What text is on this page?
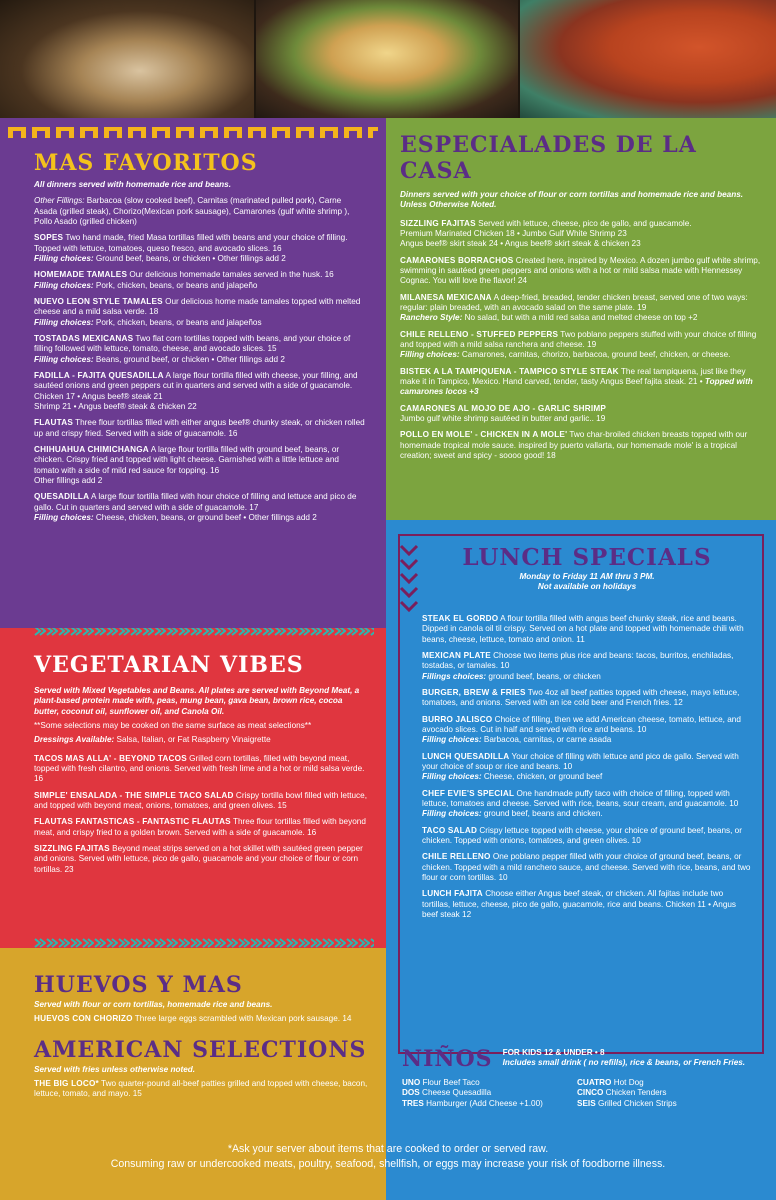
MAS FAVORITOS
All dinners served with homemade rice and beans.
Other Fillings: Barbacoa (slow cooked beef), Carnitas (marinated pulled pork), Carne Asada (grilled steak), Chorizo(Mexican pork sausage), Camarones (gulf white shrimp ), Pollo Asado (grilled chicken)
SOPES Two hand made, fried Masa tortillas filled with beans and your choice of filling. Topped with lettuce, tomatoes, queso fresco, and avocado slices. 16
Filling choices: Ground beef, beans, or chicken • Other fillings add 2
HOMEMADE TAMALES Our delicious homemade tamales served in the husk. 16
Filling choices: Pork, chicken, beans, or beans and jalapeño
NUEVO LEON STYLE TAMALES Our delicious home made tamales topped with melted cheese and a mild salsa verde. 18
Filling choices: Pork, chicken, beans, or beans and jalapeños
TOSTADAS MEXICANAS Two flat corn tortillas topped with beans, and your choice of filling followed with lettuce, tomato, cheese, and avocado slices. 15
Filling choices: Beans, ground beef, or chicken • Other fillings add 2
FADILLA - FAJITA QUESADILLA A large flour tortilla filled with cheese, your filling, and sautéed onions and green peppers cut in quarters and served with a side of guacamole. Chicken 17 • Angus beef® steak 21
Shrimp 21 • Angus beef® steak & chicken 22
FLAUTAS Three flour tortillas filled with either angus beef® chunky steak, or chicken rolled up and crispy fried. Served with a side of guacamole. 16
CHIHUAHUA CHIMICHANGA A large flour tortilla filled with ground beef, beans, or chicken. Crispy fried and topped with light cheese. Garnished with a little lettuce and tomato with a side of mild red sauce for topping. 16
Other fillings add 2
QUESADILLA A large flour tortilla filled with hour choice of filling and lettuce and pico de gallo. Cut in quarters and served with a side of guacamole. 17
Filling choices: Cheese, chicken, beans, or ground beef • Other fillings add 2
ESPECIALADES DE LA CASA
Dinners served with your choice of flour or corn tortillas and homemade rice and beans. Unless Otherwise Noted.
SIZZLING FAJITAS Served with lettuce, cheese, pico de gallo, and guacamole.
Premium Marinated Chicken 18 • Jumbo Gulf White Shrimp 23
Angus beef® skirt steak 24 • Angus beef® skirt steak & chicken 23
CAMARONES BORRACHOS Created here, inspired by Mexico. A dozen jumbo gulf white shrimp, swimming in sautéed green peppers and onions with a hot or mild salsa made with Hennessey Cognac. You will love the flavor! 24
MILANESA MEXICANA A deep-fried, breaded, tender chicken breast, served one of two ways: regular: plain breaded, with an avocado salad on the same plate. 19
Ranchero Style: No salad, but with a mild red salsa and melted cheese on top +2
CHILE RELLENO - STUFFED PEPPERS Two poblano peppers stuffed with your choice of filling and topped with a mild salsa ranchera and cheese. 19
Filling choices: Camarones, carnitas, chorizo, barbacoa, ground beef, chicken, or cheese.
BISTEK A LA TAMPIQUENA - TAMPICO STYLE STEAK The real tampiquena, just like they make it in Tampico, Mexico. Hand carved, tender, tasty Angus Beef fajita steak. 21 • Topped with camarones locos +3
CAMARONES AL MOJO DE AJO - GARLIC SHRIMP
Jumbo gulf white shrimp sautéed in butter and garlic.. 19
POLLO EN MOLE' - CHICKEN IN A MOLE' Two char-broiled chicken breasts topped with our homemade tropical mole sauce. inspired by puerto vallarta, our homemade mole' is a tropical creation; sweet and spicy - soooo good! 18
VEGETARIAN VIBES
Served with Mixed Vegetables and Beans. All plates are served with Beyond Meat, a plant-based protein made with, peas, mung bean, gava bean, brown rice, cocoa butter, coconut oil, sunflower oil, and Canola Oil.
**Some selections may be cooked on the same surface as meat selections**
Dressings Available: Salsa, Italian, or Fat Raspberry Vinaigrette
TACOS MAS ALLA' - BEYOND TACOS Grilled corn tortillas, filled with beyond meat, topped with fresh cilantro, and onions. Served with fresh lime and a hot or mild salsa verde. 16
SIMPLE' ENSALADA - THE SIMPLE TACO SALAD Crispy tortilla bowl filled with lettuce, and topped with beyond meat, onions, tomatoes, and green olives. 15
FLAUTAS FANTASTICAS - FANTASTIC FLAUTAS Three flour tortillas filled with beyond meat, and crispy fried to a golden brown. Served with a side of guacamole. 16
SIZZLING FAJITAS Beyond meat strips served on a hot skillet with sautéed green pepper and onions. Served with lettuce, pico de gallo, guacamole and your choice of flour or corn tortillas. 23
HUEVOS Y MAS
Served with flour or corn tortillas, homemade rice and beans.
HUEVOS CON CHORIZO Three large eggs scrambled with Mexican pork sausage. 14
AMERICAN SELECTIONS
Served with fries unless otherwise noted.
THE BIG LOCO* Two quarter-pound all-beef patties grilled and topped with cheese, bacon, lettuce, tomato, and mayo. 15
LUNCH SPECIALS
Monday to Friday 11 AM thru 3 PM.
Not available on holidays
STEAK EL GORDO A flour tortilla filled with angus beef chunky steak, rice and beans. Dipped in canola oil til crispy. Served on a hot plate and topped with homemade chili with beans, cheese, lettuce, tomato and onion. 11
MEXICAN PLATE Choose two items plus rice and beans: tacos, burritos, enchiladas, tostadas, or tamales. 10
Fillings choices: ground beef, beans, or chicken
BURGER, BREW & FRIES Two 4oz all beef patties topped with cheese, mayo lettuce, tomatoes, and onions. Served with an ice cold beer and French fries. 12
BURRO JALISCO Choice of filling, then we add American cheese, tomato, lettuce, and avocado slices. Cut in half and served with rice and beans. 10
Filling choices: Barbacoa, carnitas, or carne asada
LUNCH QUESADILLA Your choice of filling with lettuce and pico de gallo. Served with your choice of soup or rice and beans. 10
Filling choices: Cheese, chicken, or ground beef
CHEF EVIE'S SPECIAL One handmade puffy taco with choice of filling, topped with lettuce, tomatoes and cheese. Served with rice, beans, sour cream, and guacamole. 10
Filling choices: ground beef, beans and chicken.
TACO SALAD Crispy lettuce topped with cheese, your choice of ground beef, beans, or chicken. Topped with onions, tomatoes, and green olives. 10
CHILE RELLENO One poblano pepper filled with your choice of ground beef, beans, or chicken. Topped with a mild ranchero sauce, and cheese. Served with rice, beans, and two flour or corn tortillas. 10
LUNCH FAJITA Choose either Angus beef steak, or chicken. All fajitas include two tortillas, lettuce, cheese, pico de gallo, guacamole, rice and beans. Chicken 11 • Angus beef steak 12
NIÑOS FOR KIDS 12 & UNDER • 8
Includes small drink ( no refills), rice & beans, or French Fries.
UNO Flour Beef Taco
DOS Cheese Quesadilla
TRES Hamburger (Add Cheese +1.00)
CUATRO Hot Dog
CINCO Chicken Tenders
SEIS Grilled Chicken Strips
*Ask your server about items that are cooked to order or served raw.
Consuming raw or undercooked meats, poultry, seafood, shellfish, or eggs may increase your risk of foodborne illness.
